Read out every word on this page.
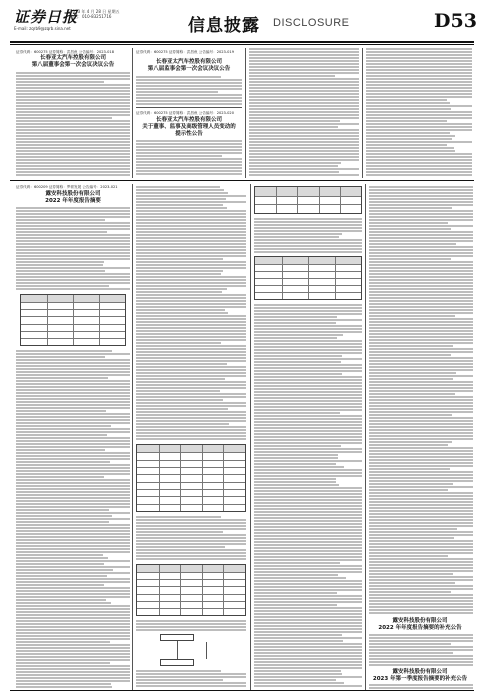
证券日报
2023 年 4 月 28 日 星期五
电话：010-83251716
E-mail: zqrb9@zqrb.sina.net	信息披露 DISCLOSURE	D53
证券代码：600275 证券简称：武昌鱼 公告编号：2023-018
长春亚太汽车控股有限公司
第八届董事会第一次会议决议公告
证券代码：600275 证券简称：武昌鱼 公告编号：2023-019
长春亚太汽车控股有限公司
第八届监事会第一次会议决议公告
证券代码：600275 证券简称：武昌鱼 公告编号：2023-020
长春亚太汽车控股有限公司
关于董事、监事及高级管理人员变动的
提示性公告
证券代码：600209 证券简称：罗顿发展 公告编号：2023-021
露安科技股份有限公司
2022 年年度报告摘要
露安科技股份有限公司
2022 年年度报告摘要的补充公告
露安科技股份有限公司
2023 年第一季度报告摘要的补充公告
